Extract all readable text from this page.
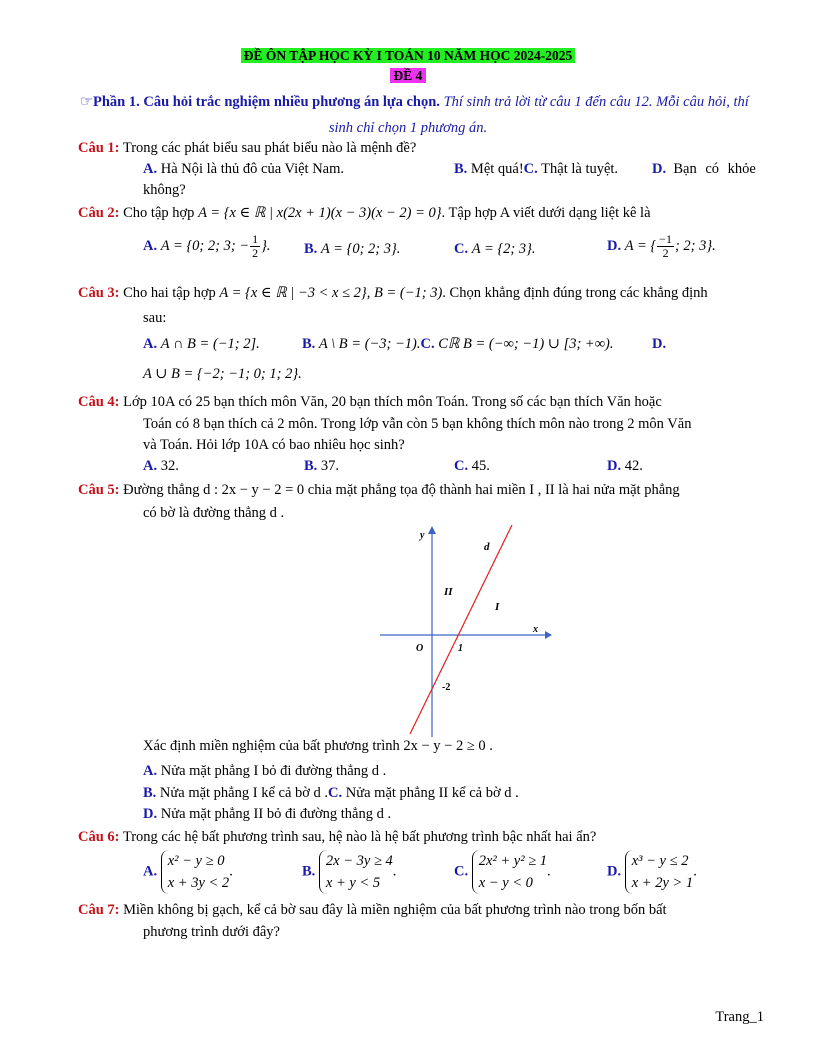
ĐỀ ÔN TẬP HỌC KỲ I TOÁN 10 NĂM HỌC 2024-2025
ĐỀ 4
☞Phần 1. Câu hỏi trắc nghiệm nhiều phương án lựa chọn. Thí sinh trả lời từ câu 1 đến câu 12. Mỗi câu hỏi, thí
sinh chỉ chọn 1 phương án.
Câu 1: Trong các phát biểu sau phát biểu nào là mệnh đề?
A. Hà Nội là thủ đô của Việt Nam.	B. Mệt quá!C. Thật là tuyệt. D. Bạn có khỏe
không?
Câu 2: Cho tập hợp A = {x ∈ ℝ | x(2x + 1)(x − 3)(x − 2) = 0}. Tập hợp A viết dưới dạng liệt kê là
A. A = {0; 2; 3; − $\frac{1}{2}$ }. B. A = {0; 2; 3}.	C. A = {2; 3}.	D. A = { $\frac{-1}{2}$ ; 2; 3}.
Câu 3: Cho hai tập hợp A = {x ∈ ℝ | −3 < x ≤ 2}, B = (−1; 3). Chọn khẳng định đúng trong các khẳng định
sau:
A. A ∩ B = (−1; 2].	B. A \ B = (−3; −1).C. Cℝ B = (−∞; −1) ∪ [3; +∞).	D.
A ∪ B = {−2; −1; 0; 1; 2}.
Câu 4: Lớp 10A có 25 bạn thích môn Văn, 20 bạn thích môn Toán. Trong số các bạn thích Văn hoặc
Toán có 8 bạn thích cả 2 môn. Trong lớp vẫn còn 5 bạn không thích môn nào trong 2 môn Văn
và Toán. Hỏi lớp 10A có bao nhiêu học sinh?
A. 32.	B. 37.	C. 45.	D. 42.
Câu 5: Đường thẳng d : 2x − y − 2 = 0 chia mặt phẳng tọa độ thành hai miền I , II là hai nửa mặt phẳng
có bờ là đường thẳng d .
y
x
d
II
I
O	1
-2
Xác định miền nghiệm của bất phương trình 2x − y − 2 ≥ 0 .
A. Nửa mặt phẳng I bỏ đi đường thẳng d .
B. Nửa mặt phẳng I kể cả bờ d .C. Nửa mặt phẳng II kể cả bờ d .
D. Nửa mặt phẳng II bỏ đi đường thẳng d .
Câu 6: Trong các hệ bất phương trình sau, hệ nào là hệ bất phương trình bậc nhất hai ẩn?
A.
x² − y ≥ 0
x + 3y < 2
.	B.
2x − 3y ≥ 4
x + y < 5
.	C.
2x² + y² ≥ 1
x − y < 0
.	D.
x³ − y ≤ 2
x + 2y > 1
.
Câu 7: Miền không bị gạch, kể cả bờ sau đây là miền nghiệm của bất phương trình nào trong bốn bất
phương trình dưới đây?
Trang_1
